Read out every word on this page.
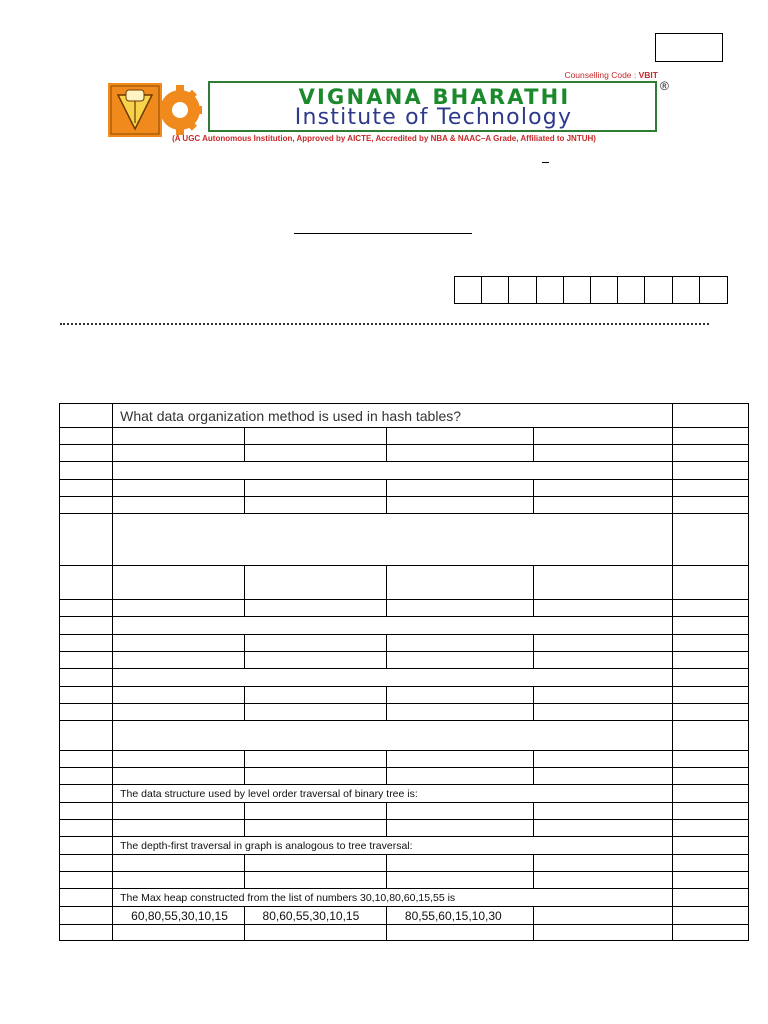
Counselling Code : VBIT
®
VIGNANA BHARATHI
Institute of Technology
(A UGC Autonomous Institution, Approved by AICTE, Accredited by NBA & NAAC–A Grade, Affiliated to JNTUH)
	What data organization method is used in hash tables?				

	The data structure used by level order traversal of binary tree is:				

	The depth-first traversal in graph is analogous to tree traversal:				

	The Max heap constructed from the list of numbers 30,10,80,60,15,55 is				
	60,80,55,30,10,15	80,60,55,30,10,15	80,55,60,15,10,30		
